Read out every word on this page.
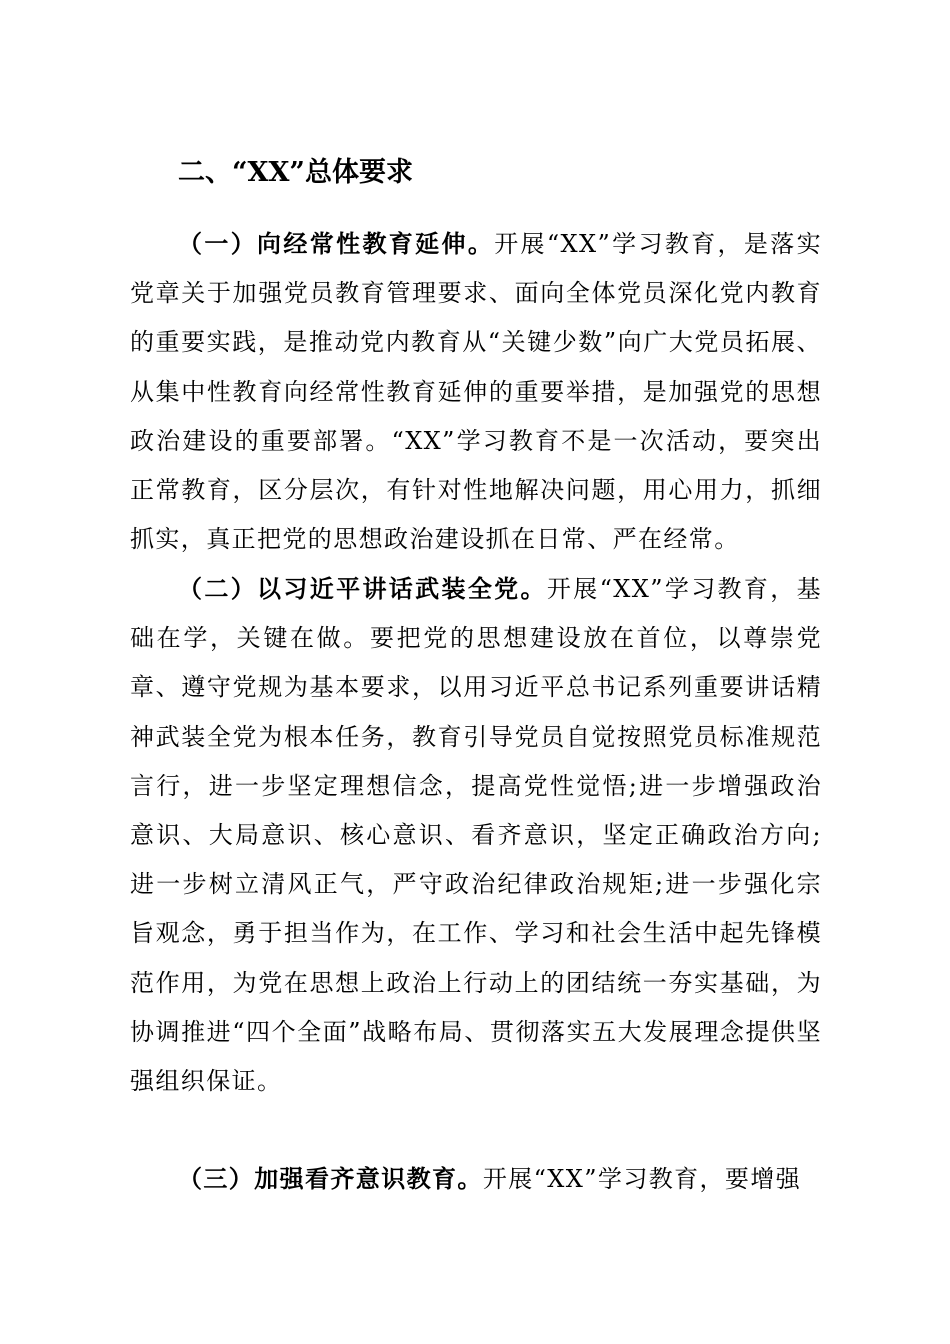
二、“XX”总体要求

（一）向经常性教育延伸。开展“XX”学习教育，是落实党章关于加强党员教育管理要求、面向全体党员深化党内教育的重要实践，是推动党内教育从“关键少数”向广大党员拓展、从集中性教育向经常性教育延伸的重要举措，是加强党的思想政治建设的重要部署。“XX”学习教育不是一次活动，要突出正常教育，区分层次，有针对性地解决问题，用心用力，抓细抓实，真正把党的思想政治建设抓在日常、严在经常。

（二）以习近平讲话武装全党。开展“XX”学习教育，基础在学，关键在做。要把党的思想建设放在首位，以尊崇党章、遵守党规为基本要求，以用习近平总书记系列重要讲话精神武装全党为根本任务，教育引导党员自觉按照党员标准规范言行，进一步坚定理想信念，提高党性觉悟;进一步增强政治意识、大局意识、核心意识、看齐意识，坚定正确政治方向;进一步树立清风正气，严守政治纪律政治规矩;进一步强化宗旨观念，勇于担当作为，在工作、学习和社会生活中起先锋模范作用，为党在思想上政治上行动上的团结统一夯实基础，为协调推进“四个全面”战略布局、贯彻落实五大发展理念提供坚强组织保证。

（三）加强看齐意识教育。开展“XX”学习教育，要增强
